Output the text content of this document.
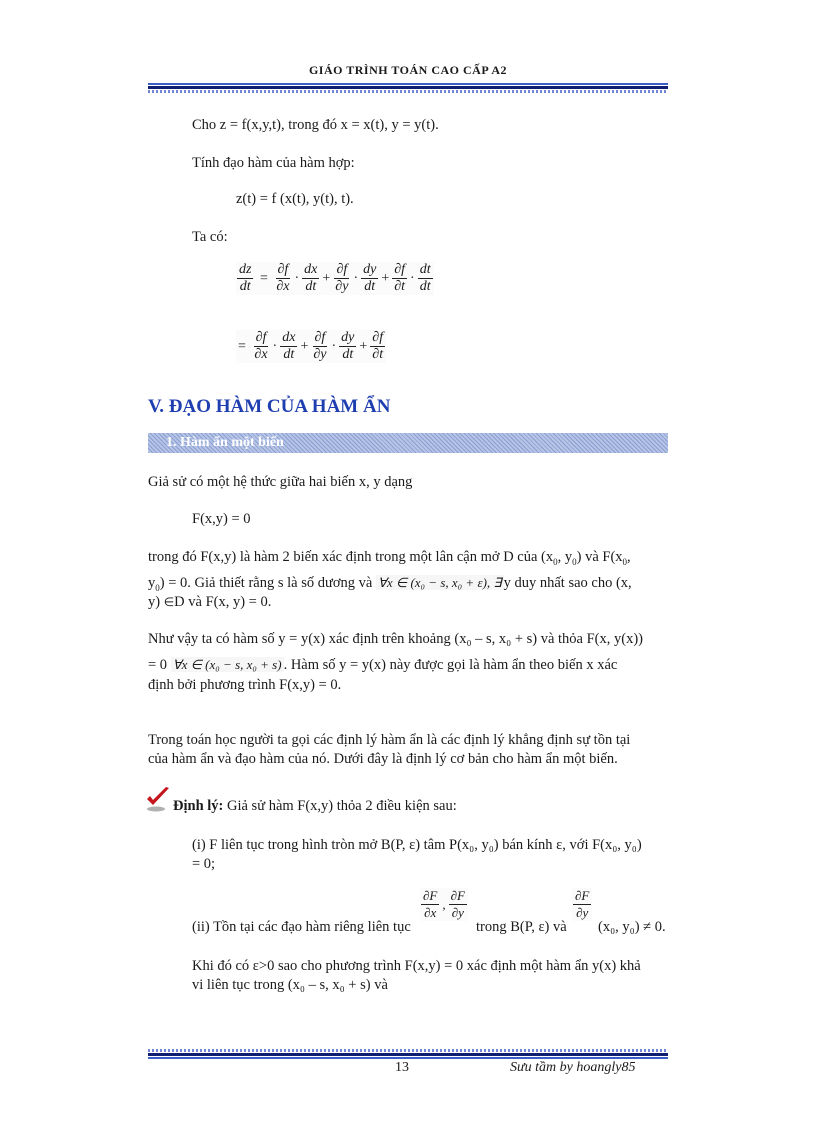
GIÁO TRÌNH TOÁN CAO CẤP A2
Cho z = f(x,y,t), trong đó x = x(t), y = y(t).
Tính đạo hàm của hàm hợp:
z(t) = f (x(t), y(t), t).
Ta có:
$\frac{dz}{dt} = \frac{\partial f}{\partial x} \cdot \frac{dx}{dt} + \frac{\partial f}{\partial y} \cdot \frac{dy}{dt} + \frac{\partial f}{\partial t} \cdot \frac{dt}{dt}$
= $\frac{\partial f}{\partial x} \cdot \frac{dx}{dt} + \frac{\partial f}{\partial y} \cdot \frac{dy}{dt} + \frac{\partial f}{\partial t}$
V. ĐẠO HÀM CỦA HÀM ẨN
1. Hàm ẩn một biến
Giả sử có một hệ thức giữa hai biến x, y dạng
F(x,y) = 0
trong đó F(x,y) là hàm 2 biến xác định trong một lân cận mở D của ($x_0$, $y_0$) và $F(x_0$,
$y_0) = 0$. Giả thiết rằng s là số dương và ∀x ∈ (x₀ − s, x₀ + ε), ∃ y duy nhất sao cho (x,
y) ∈D và F(x, y) = 0.
Như vậy ta có hàm số y = y(x) xác định trên khoảng (x₀ – s, x₀ + s) và thỏa F(x, y(x))
= 0 ∀x ∈ (x₀ − s, x₀ + s) . Hàm số y = y(x) này được gọi là hàm ẩn theo biến x xác
định bởi phương trình F(x,y) = 0.
Trong toán học người ta gọi các định lý hàm ẩn là các định lý khẳng định sự tồn tại
của hàm ẩn và đạo hàm của nó. Dưới đây là định lý cơ bản cho hàm ẩn một biến.
Định lý: Giả sử hàm F(x,y) thỏa 2 điều kiện sau:
(i) F liên tục trong hình tròn mở B(P, ε) tâm P(x₀, y₀) bán kính ε, với F(x₀, y₀)
= 0;
(ii) Tồn tại các đạo hàm riêng liên tục
$\frac{\partial F}{\partial x}$ , $\frac{\partial F}{\partial y}$
trong B(P, ε) và
$\frac{\partial F}{\partial y}$
(x₀, y₀) ≠ 0.
Khi đó có ε>0 sao cho phương trình F(x,y) = 0 xác định một hàm ẩn y(x) khả
vi liên tục trong (x₀ – s, x₀ + s) và
13	Sưu tầm by hoangly85
